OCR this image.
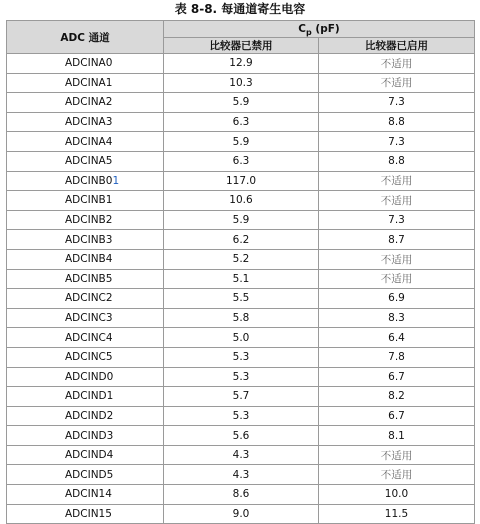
表 8-8. 每通道寄生电容
ADC 通道	$C_p$ (pF)	
	比较器已禁用	比较器已启用
ADCINA0	12.9	不适用
ADCINA1	10.3	不适用
ADCINA2	5.9	7.3
ADCINA3	6.3	8.8
ADCINA4	5.9	7.3
ADCINA5	6.3	8.8
ADCINB01	117.0	不适用
ADCINB1	10.6	不适用
ADCINB2	5.9	7.3
ADCINB3	6.2	8.7
ADCINB4	5.2	不适用
ADCINB5	5.1	不适用
ADCINC2	5.5	6.9
ADCINC3	5.8	8.3
ADCINC4	5.0	6.4
ADCINC5	5.3	7.8
ADCIND0	5.3	6.7
ADCIND1	5.7	8.2
ADCIND2	5.3	6.7
ADCIND3	5.6	8.1
ADCIND4	4.3	不适用
ADCIND5	4.3	不适用
ADCIN14	8.6	10.0
ADCIN15	9.0	11.5
